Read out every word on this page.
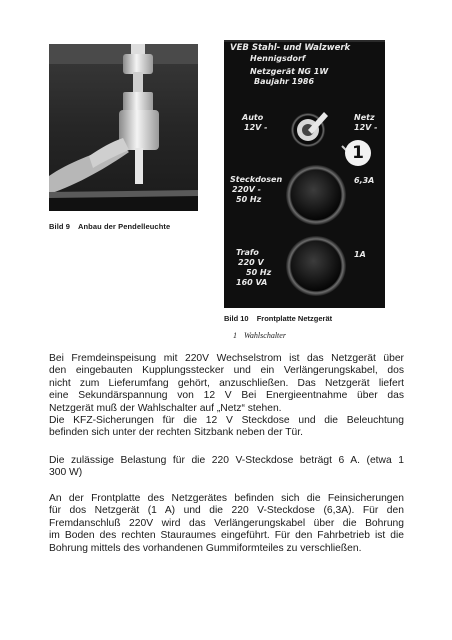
Bild 9 Anbau der Pendelleuchte
VEB Stahl- und Walzwerk
Hennigsdorf
Netzgerät NG 1W
Baujahr 1986
Auto
12V -
Netz
12V -
1
Steckdosen
220V -
50 Hz
6,3A
Trafo
220 V
50 Hz
160 VA
1A
Bild 10 Frontplatte Netzgerät
1 Wahlschalter
Bei Fremdeinspeisung mit 220V Wechselstrom ist das Netzgerät über
den eingebauten Kupplungsstecker und ein Verlängerungskabel, dos
nicht zum Lieferumfang gehört, anzuschließen. Das Netzgerät liefert
eine Sekundärspannung von 12 V Bei Energieentnahme über das
Netzgerät muß der Wahlschalter auf „Netz“ stehen.
Die KFZ-Sicherungen für die 12 V Steckdose und die Beleuchtung
befinden sich unter der rechten Sitzbank neben der Tür.
Die zulässige Belastung für die 220 V-Steckdose beträgt 6 A. (etwa 1
300 W)
An der Frontplatte des Netzgerätes befinden sich die Feinsicherungen
für dos Netzgerät (1 A) und die 220 V-Steckdose (6,3A). Für den
Fremdanschluß 220V wird das Verlängerungskabel über die Bohrung
im Boden des rechten Stauraumes eingeführt. Für den Fahrbetrieb ist die
Bohrung mittels des vorhandenen Gummiformteiles zu verschließen.
